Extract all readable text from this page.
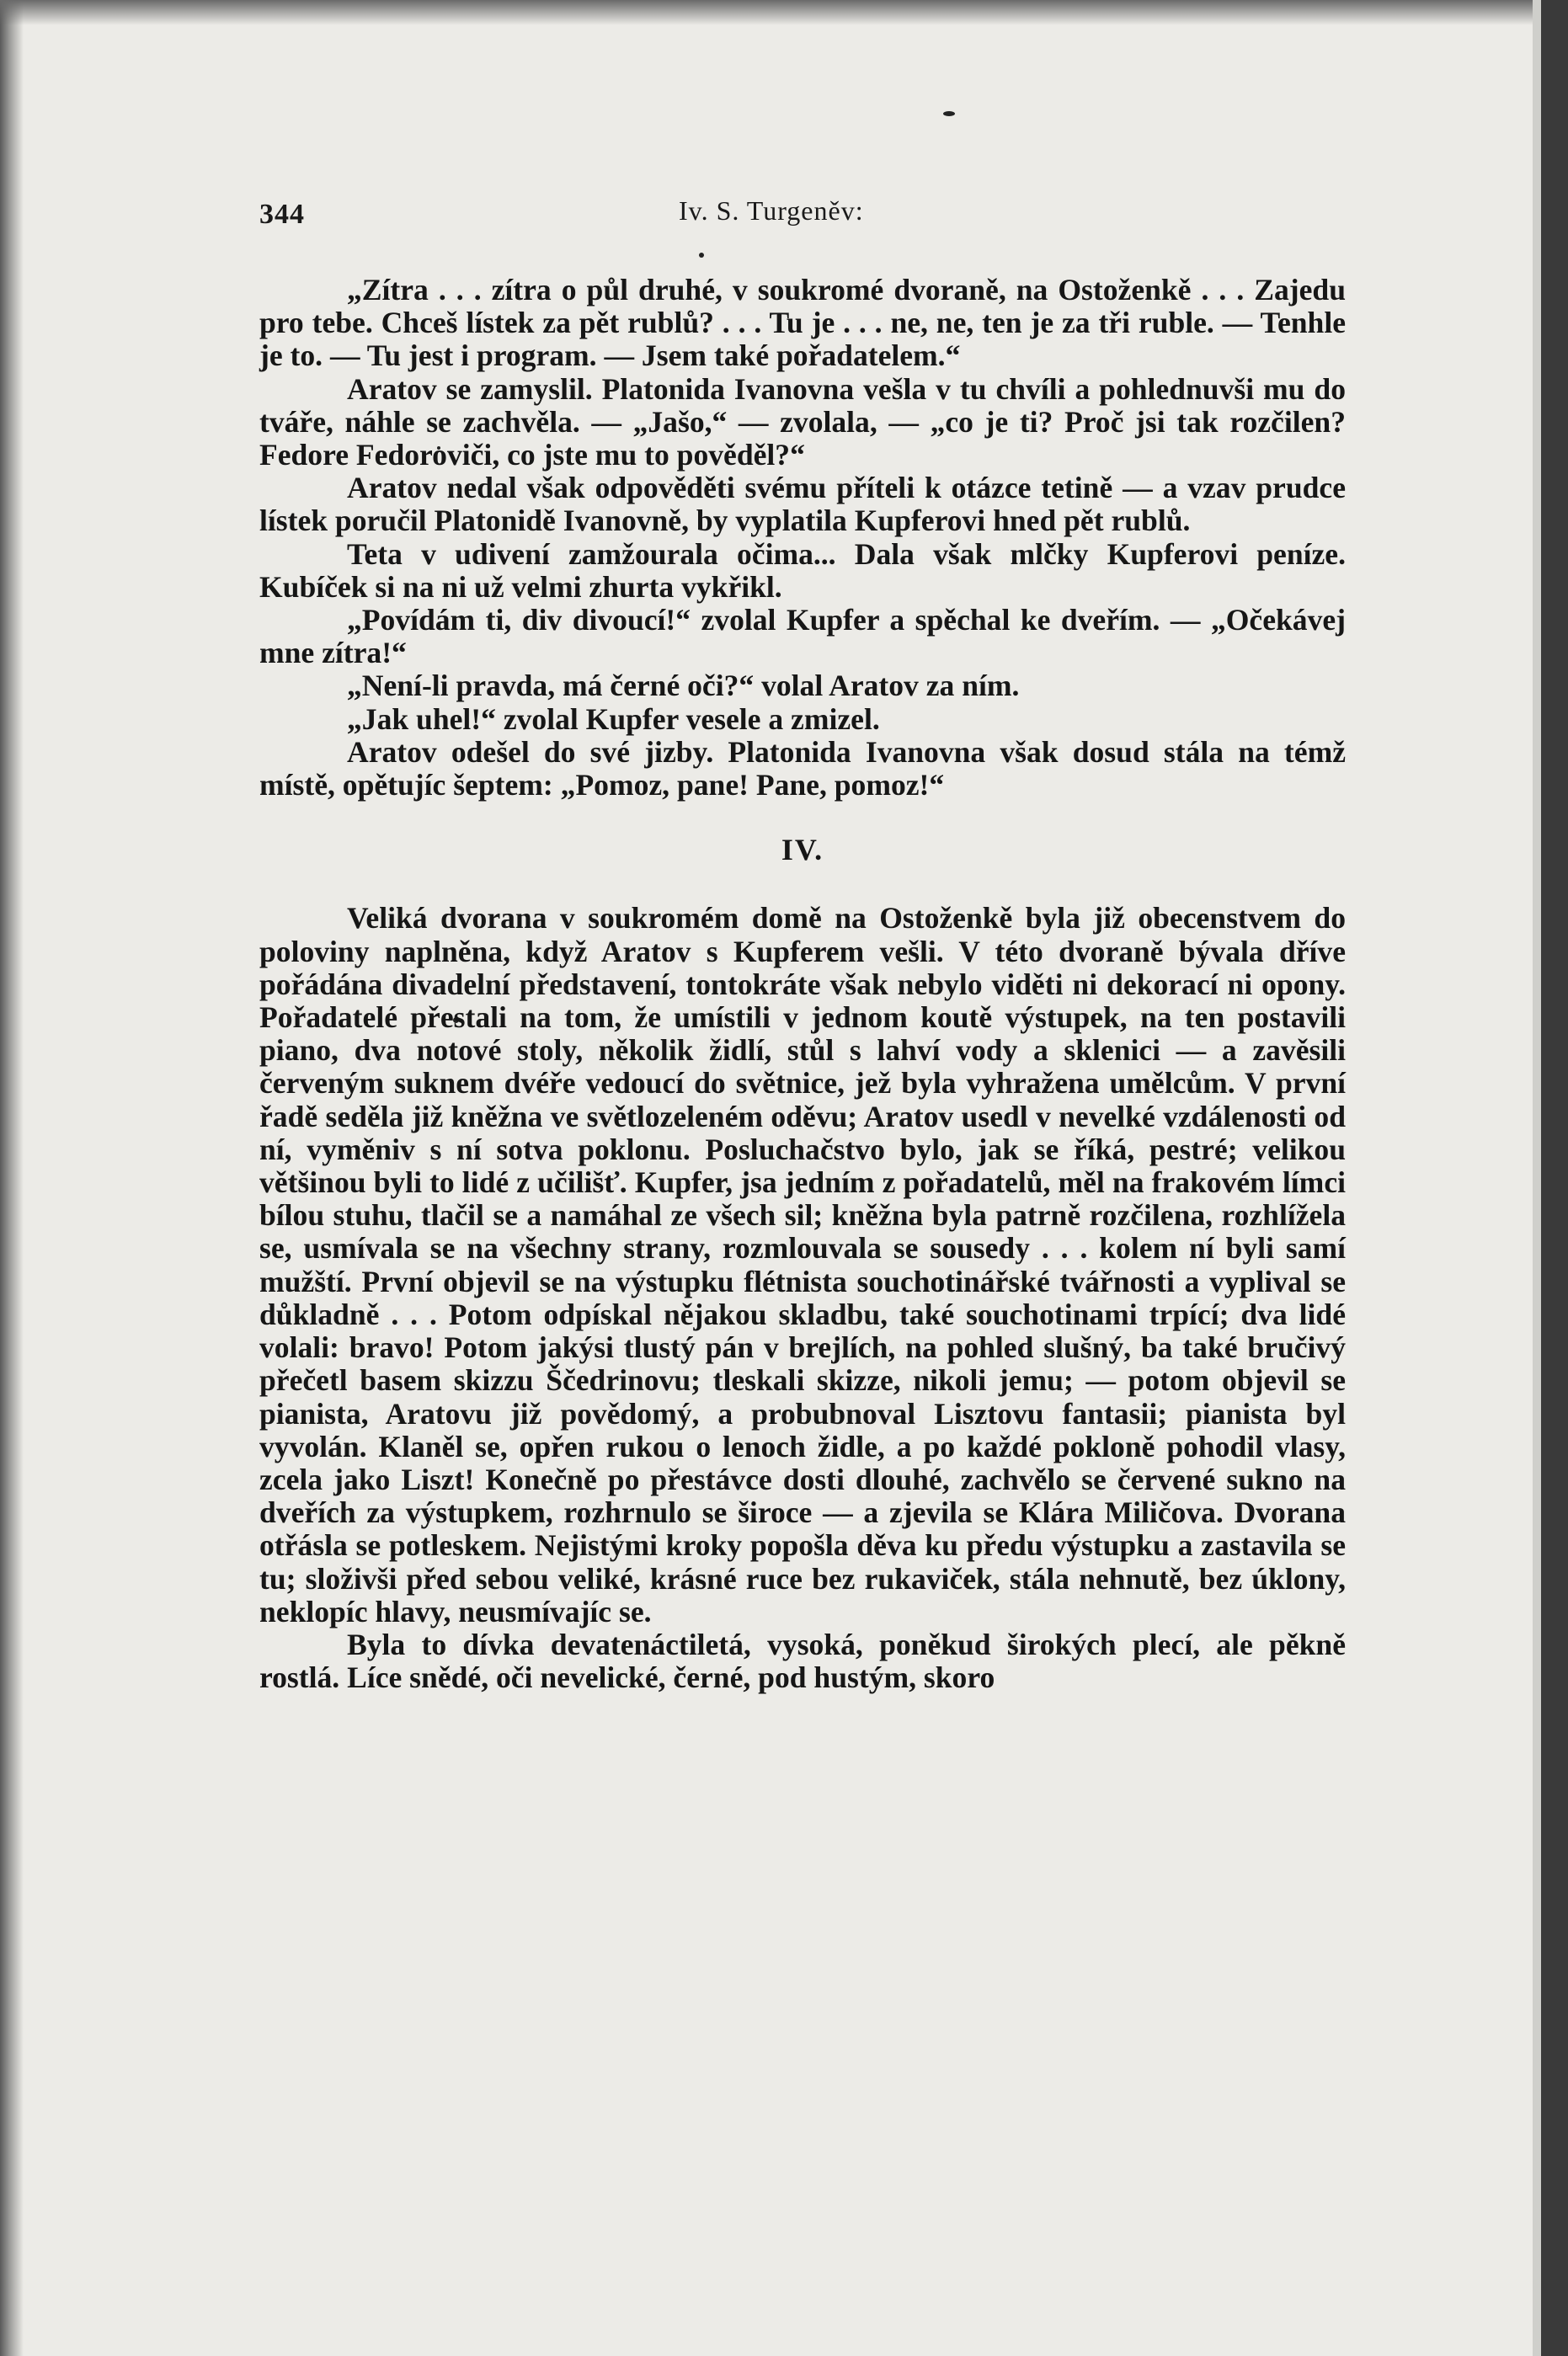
344	Iv. S. Turgeněv:

„Zítra . . . zítra o půl druhé, v soukromé dvoraně, na Ostoženkě . . . Zajedu pro tebe. Chceš lístek za pět rublů? . . . Tu je . . . ne, ne, ten je za tři ruble. — Tenhle je to. — Tu jest i program. — Jsem také pořadatelem.“

Aratov se zamyslil. Platonida Ivanovna vešla v tu chvíli a pohlednuvši mu do tváře, náhle se zachvěla. — „Jašo,“ — zvolala, — „co je ti? Proč jsi tak rozčilen? Fedore Fedoroviči, co jste mu to pověděl?“

Aratov nedal však odpověděti svému příteli k otázce tetině — a vzav prudce lístek poručil Platonidě Ivanovně, by vyplatila Kupferovi hned pět rublů.

Teta v udivení zamžourala očima... Dala však mlčky Kupferovi peníze. Kubíček si na ni už velmi zhurta vykřikl.

„Povídám ti, div divoucí!“ zvolal Kupfer a spěchal ke dveřím. — „Očekávej mne zítra!“

„Není-li pravda, má černé oči?“ volal Aratov za ním.

„Jak uhel!“ zvolal Kupfer vesele a zmizel.

Aratov odešel do své jizby. Platonida Ivanovna však dosud stála na témž místě, opětujíc šeptem: „Pomoz, pane! Pane, pomoz!“

IV.

Veliká dvorana v soukromém domě na Ostoženkě byla již obecenstvem do poloviny naplněna, když Aratov s Kupferem vešli. V této dvoraně bývala dříve pořádána divadelní představení, tontokráte však nebylo viděti ni dekorací ni opony. Pořadatelé přestali na tom, že umístili v jednom koutě výstupek, na ten postavili piano, dva notové stoly, několik židlí, stůl s lahví vody a sklenici — a zavěsili červeným suknem dvéře vedoucí do světnice, jež byla vyhražena umělcům. V první řadě seděla již kněžna ve světlozeleném oděvu; Aratov usedl v nevelké vzdálenosti od ní, vyměniv s ní sotva poklonu. Posluchačstvo bylo, jak se říká, pestré; velikou většinou byli to lidé z učilišť. Kupfer, jsa jedním z pořadatelů, měl na frakovém límci bílou stuhu, tlačil se a namáhal ze všech sil; kněžna byla patrně rozčilena, rozhlížela se, usmívala se na všechny strany, rozmlouvala se sousedy . . . kolem ní byli samí mužští. První objevil se na výstupku flétnista souchotinářské tvářnosti a vyplival se důkladně . . . Potom odpískal nějakou skladbu, také souchotinami trpící; dva lidé volali: bravo! Potom jakýsi tlustý pán v brejlích, na pohled slušný, ba také bručivý přečetl basem skizzu Ščedrinovu; tleskali skizze, nikoli jemu; — potom objevil se pianista, Aratovu již povědomý, a probubnoval Lisztovu fantasii; pianista byl vyvolán. Klaněl se, opřen rukou o lenoch židle, a po každé pokloně pohodil vlasy, zcela jako Liszt! Konečně po přestávce dosti dlouhé, zachvělo se červené sukno na dveřích za výstupkem, rozhrnulo se široce — a zjevila se Klára Miličova. Dvorana otřásla se potleskem. Nejistými kroky popošla děva ku předu výstupku a zastavila se tu; složivši před sebou veliké, krásné ruce bez rukaviček, stála nehnutě, bez úklony, neklopíc hlavy, neusmívajíc se.

Byla to dívka devatenáctiletá, vysoká, poněkud širokých plecí, ale pěkně rostlá. Líce snědé, oči nevelické, černé, pod hustým, skoro
